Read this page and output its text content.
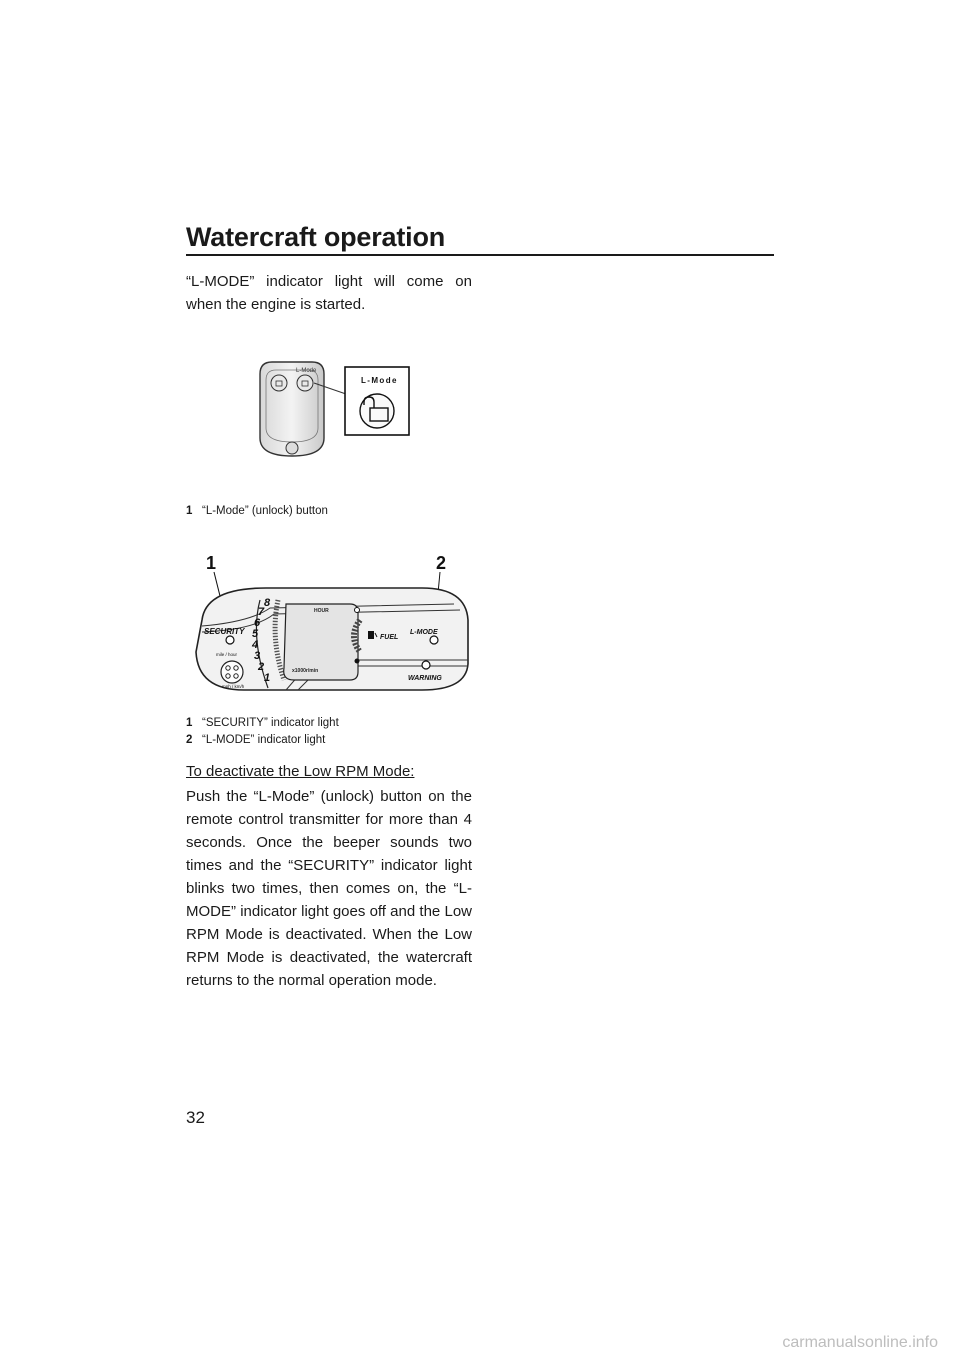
Watercraft operation
“L-MODE” indicator light will come on when the engine is started.
L-Mode
L-Mode
1 “L-Mode” (unlock) button
1	2
HOUR
x1000r/min
1
2
3
4
5
6
7
8
SECURITY
mile / hour
mph / km/h
FUEL
L-MODE
WARNING
1 “SECURITY” indicator light
2 “L-MODE” indicator light
To deactivate the Low RPM Mode:
Push the “L-Mode” (unlock) button on the remote control transmitter for more than 4 seconds. Once the beeper sounds two times and the “SECURITY” indicator light blinks two times, then comes on, the “L-MODE” indicator light goes off and the Low RPM Mode is deactivated. When the Low RPM Mode is deactivated, the watercraft returns to the normal operation mode.
32
carmanualsonline.info
